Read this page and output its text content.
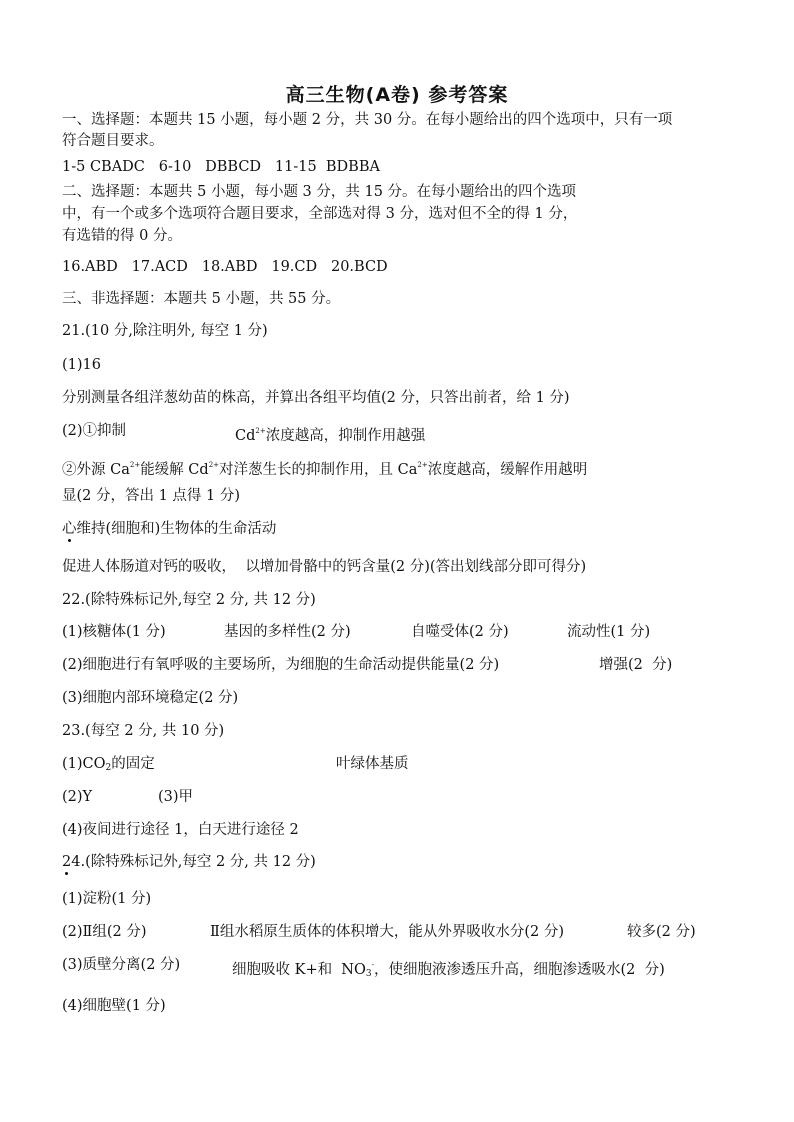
高三生物(A卷) 参考答案
一、选择题：本题共 15 小题，每小题 2 分，共 30 分。在每小题给出的四个选项中，只有一项
符合题目要求。
1-5 CBADC   6-10   DBBCD   11-15  BDBBA
二、选择题：本题共 5 小题，每小题 3 分，共 15 分。在每小题给出的四个选项
中，有一个或多个选项符合题目要求，全部选对得 3 分，选对但不全的得 1 分，
有选错的得 0 分。
16.ABD   17.ACD   18.ABD   19.CD   20.BCD
三、非选择题：本题共 5 小题，共 55 分。
21.(10 分,除注明外, 每空 1 分)
(1)16
分别测量各组洋葱幼苗的株高，并算出各组平均值(2 分，只答出前者，给 1 分)
(2)①抑制	$Cd^{2+}$浓度越高，抑制作用越强
②外源 $Ca^{2+}$能缓解 $Cd^{2+}$对洋葱生长的抑制作用，且 $Ca^{2+}$浓度越高，缓解作用越明
显(2 分，答出 1 点得 1 分)
心维持(细胞和)生物体的生命活动
促进人体肠道对钙的吸收，  以增加骨骼中的钙含量(2 分)(答出划线部分即可得分)
22.(除特殊标记外,每空 2 分, 共 12 分)
(1)核糖体(1 分)	基因的多样性(2 分)	自噬受体(2 分)	流动性(1 分)
(2)细胞进行有氧呼吸的主要场所，为细胞的生命活动提供能量(2 分)	增强(2  分)
(3)细胞内部环境稳定(2 分)
23.(每空 2 分, 共 10 分)
$(1)CO_2$的固定	叶绿体基质
(2)Y	(3)甲
(4)夜间进行途径 1，白天进行途径 2
24.(除特殊标记外,每空 2 分, 共 12 分)
(1)淀粉(1 分)
(2)Ⅱ组(2 分)	Ⅱ组水稻原生质体的体积增大，能从外界吸收水分(2 分)	较多(2 分)
(3)质壁分离(2 分)	细胞吸收 K+和  $NO_3^-$，使细胞液渗透压升高，细胞渗透吸水(2  分)
(4)细胞壁(1 分)
